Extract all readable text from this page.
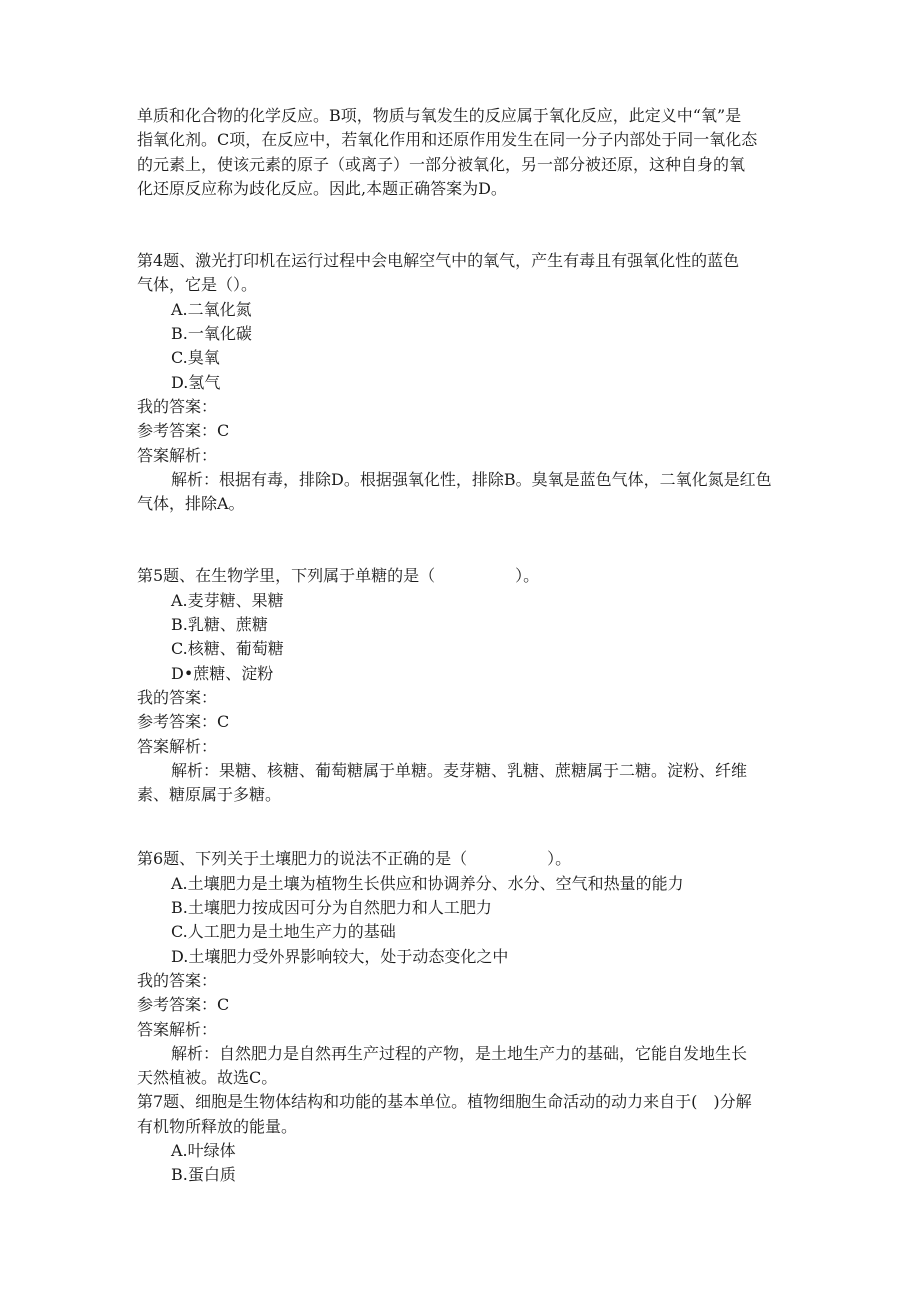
单质和化合物的化学反应。B项，物质与氧发生的反应属于氧化反应，此定义中“氧”是
指氧化剂。C项，在反应中，若氧化作用和还原作用发生在同一分子内部处于同一氧化态
的元素上，使该元素的原子（或离子）一部分被氧化，另一部分被还原，这种自身的氧
化还原反应称为歧化反应。因此,本题正确答案为D。
第4题、激光打印机在运行过程中会电解空气中的氧气，产生有毒且有强氧化性的蓝色
气体，它是（）。
A.二氧化氮
B.一氧化碳
C.臭氧
D.氢气
我的答案：
参考答案：C
答案解析：
解析：根据有毒，排除D。根据强氧化性，排除B。臭氧是蓝色气体，二氧化氮是红色
气体，排除A。
第5题、在生物学里，下列属于单糖的是（　　　　　）。
A.麦芽糖、果糖
B.乳糖、蔗糖
C.核糖、葡萄糖
D•蔗糖、淀粉
我的答案：
参考答案：C
答案解析：
解析：果糖、核糖、葡萄糖属于单糖。麦芽糖、乳糖、蔗糖属于二糖。淀粉、纤维
素、糖原属于多糖。
第6题、下列关于土壤肥力的说法不正确的是（　　　　　）。
A.土壤肥力是土壤为植物生长供应和协调养分、水分、空气和热量的能力
B.土壤肥力按成因可分为自然肥力和人工肥力
C.人工肥力是土地生产力的基础
D.土壤肥力受外界影响较大，处于动态变化之中
我的答案：
参考答案：C
答案解析：
解析：自然肥力是自然再生产过程的产物，是土地生产力的基础，它能自发地生长
天然植被。故选C。
第7题、细胞是生物体结构和功能的基本单位。植物细胞生命活动的动力来自于(　)分解
有机物所释放的能量。
A.叶绿体
B.蛋白质
